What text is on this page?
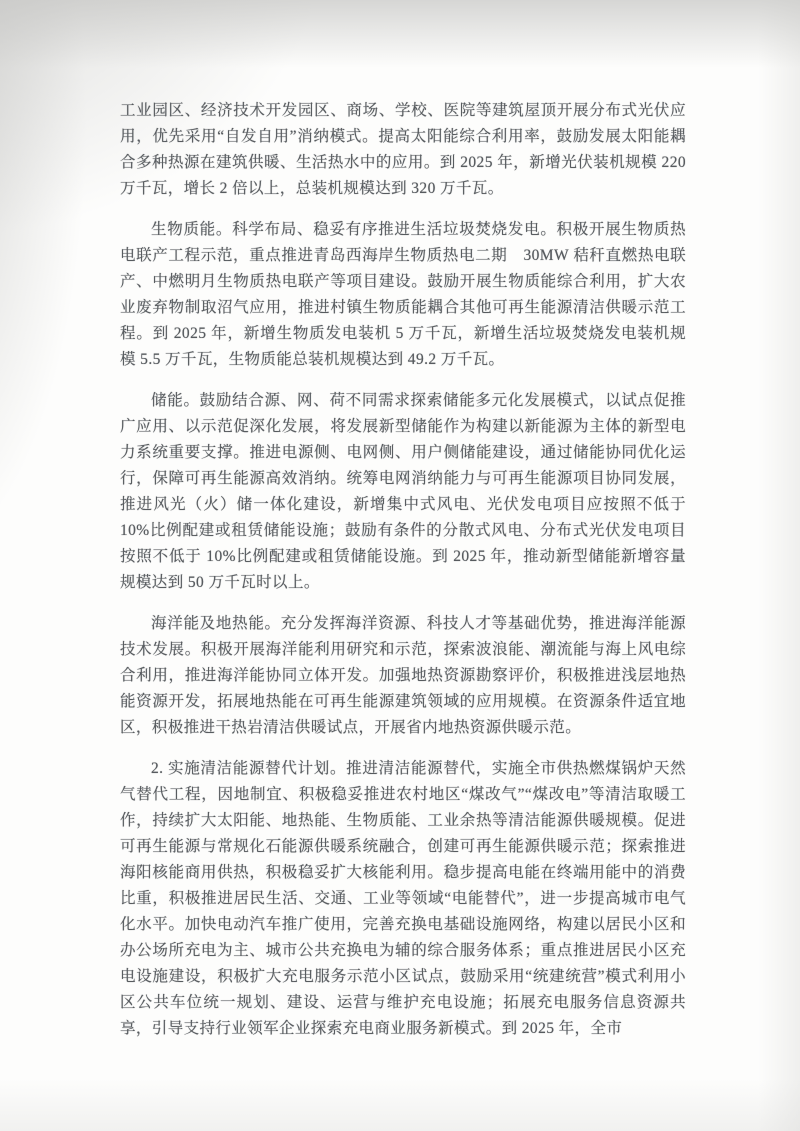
工业园区、经济技术开发园区、商场、学校、医院等建筑屋顶开展分布式光伏应用，优先采用“自发自用”消纳模式。提高太阳能综合利用率，鼓励发展太阳能耦合多种热源在建筑供暖、生活热水中的应用。到 2025 年，新增光伏装机规模 220 万千瓦，增长 2 倍以上，总装机规模达到 320 万千瓦。

生物质能。科学布局、稳妥有序推进生活垃圾焚烧发电。积极开展生物质热电联产工程示范，重点推进青岛西海岸生物质热电二期　30MW 秸秆直燃热电联产、中燃明月生物质热电联产等项目建设。鼓励开展生物质能综合利用，扩大农业废弃物制取沼气应用，推进村镇生物质能耦合其他可再生能源清洁供暖示范工程。到 2025 年，新增生物质发电装机 5 万千瓦，新增生活垃圾焚烧发电装机规模 5.5 万千瓦，生物质能总装机规模达到 49.2 万千瓦。

储能。鼓励结合源、网、荷不同需求探索储能多元化发展模式，以试点促推广应用、以示范促深化发展，将发展新型储能作为构建以新能源为主体的新型电力系统重要支撑。推进电源侧、电网侧、用户侧储能建设，通过储能协同优化运行，保障可再生能源高效消纳。统筹电网消纳能力与可再生能源项目协同发展，推进风光（火）储一体化建设，新增集中式风电、光伏发电项目应按照不低于10%比例配建或租赁储能设施；鼓励有条件的分散式风电、分布式光伏发电项目按照不低于 10%比例配建或租赁储能设施。到 2025 年，推动新型储能新增容量规模达到 50 万千瓦时以上。

海洋能及地热能。充分发挥海洋资源、科技人才等基础优势，推进海洋能源技术发展。积极开展海洋能利用研究和示范，探索波浪能、潮流能与海上风电综合利用，推进海洋能协同立体开发。加强地热资源勘察评价，积极推进浅层地热能资源开发，拓展地热能在可再生能源建筑领域的应用规模。在资源条件适宜地区，积极推进干热岩清洁供暖试点，开展省内地热资源供暖示范。

2. 实施清洁能源替代计划。推进清洁能源替代，实施全市供热燃煤锅炉天然气替代工程，因地制宜、积极稳妥推进农村地区“煤改气”“煤改电”等清洁取暖工作，持续扩大太阳能、地热能、生物质能、工业余热等清洁能源供暖规模。促进可再生能源与常规化石能源供暖系统融合，创建可再生能源供暖示范；探索推进海阳核能商用供热，积极稳妥扩大核能利用。稳步提高电能在终端用能中的消费比重，积极推进居民生活、交通、工业等领域“电能替代”，进一步提高城市电气化水平。加快电动汽车推广使用，完善充换电基础设施网络，构建以居民小区和办公场所充电为主、城市公共充换电为辅的综合服务体系；重点推进居民小区充电设施建设，积极扩大充电服务示范小区试点，鼓励采用“统建统营”模式利用小区公共车位统一规划、建设、运营与维护充电设施；拓展充电服务信息资源共享，引导支持行业领军企业探索充电商业服务新模式。到 2025 年，全市
